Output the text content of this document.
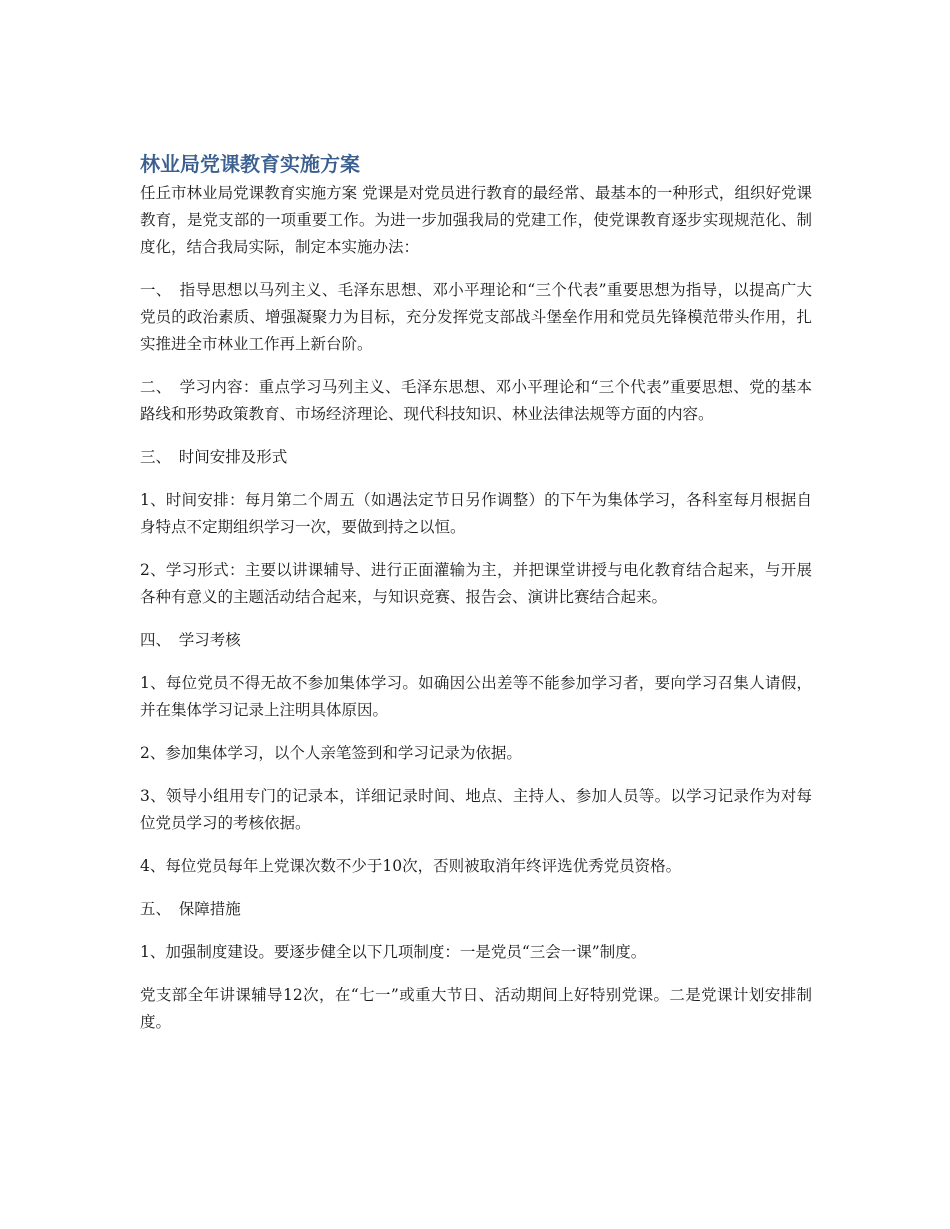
林业局党课教育实施方案

任丘市林业局党课教育实施方案 党课是对党员进行教育的最经常、最基本的一种形式，组织好党课教育，是党支部的一项重要工作。为进一步加强我局的党建工作，使党课教育逐步实现规范化、制度化，结合我局实际，制定本实施办法：

一、　指导思想以马列主义、毛泽东思想、邓小平理论和“三个代表”重要思想为指导，以提高广大党员的政治素质、增强凝聚力为目标，充分发挥党支部战斗堡垒作用和党员先锋模范带头作用，扎实推进全市林业工作再上新台阶。

二、　学习内容：重点学习马列主义、毛泽东思想、邓小平理论和“三个代表”重要思想、党的基本路线和形势政策教育、市场经济理论、现代科技知识、林业法律法规等方面的内容。

三、　时间安排及形式

1、时间安排：每月第二个周五（如遇法定节日另作调整）的下午为集体学习，各科室每月根据自身特点不定期组织学习一次，要做到持之以恒。

2、学习形式：主要以讲课辅导、进行正面灌输为主，并把课堂讲授与电化教育结合起来，与开展各种有意义的主题活动结合起来，与知识竞赛、报告会、演讲比赛结合起来。

四、　学习考核

1、每位党员不得无故不参加集体学习。如确因公出差等不能参加学习者，要向学习召集人请假，并在集体学习记录上注明具体原因。

2、参加集体学习，以个人亲笔签到和学习记录为依据。

3、领导小组用专门的记录本，详细记录时间、地点、主持人、参加人员等。以学习记录作为对每位党员学习的考核依据。

4、每位党员每年上党课次数不少于10次，否则被取消年终评选优秀党员资格。

五、　保障措施

1、加强制度建设。要逐步健全以下几项制度：一是党员“三会一课”制度。

党支部全年讲课辅导12次，在“七一”或重大节日、活动期间上好特别党课。二是党课计划安排制度。
